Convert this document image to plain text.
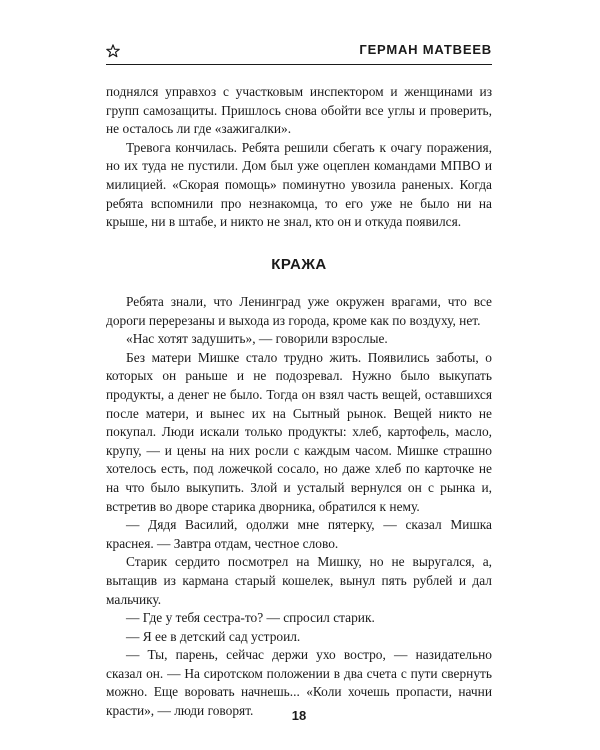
ГЕРМАН МАТВЕЕВ

поднялся управхоз с участковым инспектором и женщинами из групп самозащиты. Пришлось снова обойти все углы и проверить, не осталось ли где «зажигалки».

Тревога кончилась. Ребята решили сбегать к очагу поражения, но их туда не пустили. Дом был уже оцеплен командами МПВО и милицией. «Скорая помощь» поминутно увозила раненых. Когда ребята вспомнили про незнакомца, то его уже не было ни на крыше, ни в штабе, и никто не знал, кто он и откуда появился.

КРАЖА

Ребята знали, что Ленинград уже окружен врагами, что все дороги перерезаны и выхода из города, кроме как по воздуху, нет.

«Нас хотят задушить», — говорили взрослые.

Без матери Мишке стало трудно жить. Появились заботы, о которых он раньше и не подозревал. Нужно было выкупать продукты, а денег не было. Тогда он взял часть вещей, оставшихся после матери, и вынес их на Сытный рынок. Вещей никто не покупал. Люди искали только продукты: хлеб, картофель, масло, крупу, — и цены на них росли с каждым часом. Мишке страшно хотелось есть, под ложечкой сосало, но даже хлеб по карточке не на что было выкупить. Злой и усталый вернулся он с рынка и, встретив во дворе старика дворника, обратился к нему.

— Дядя Василий, одолжи мне пятерку, — сказал Мишка краснея. — Завтра отдам, честное слово.

Старик сердито посмотрел на Мишку, но не выругался, а, вытащив из кармана старый кошелек, вынул пять рублей и дал мальчику.

— Где у тебя сестра-то? — спросил старик.

— Я ее в детский сад устроил.

— Ты, парень, сейчас держи ухо востро, — назидательно сказал он. — На сиротском положении в два счета с пути свернуть можно. Еще воровать начнешь... «Коли хочешь пропасти, начни красти», — люди говорят.	18
